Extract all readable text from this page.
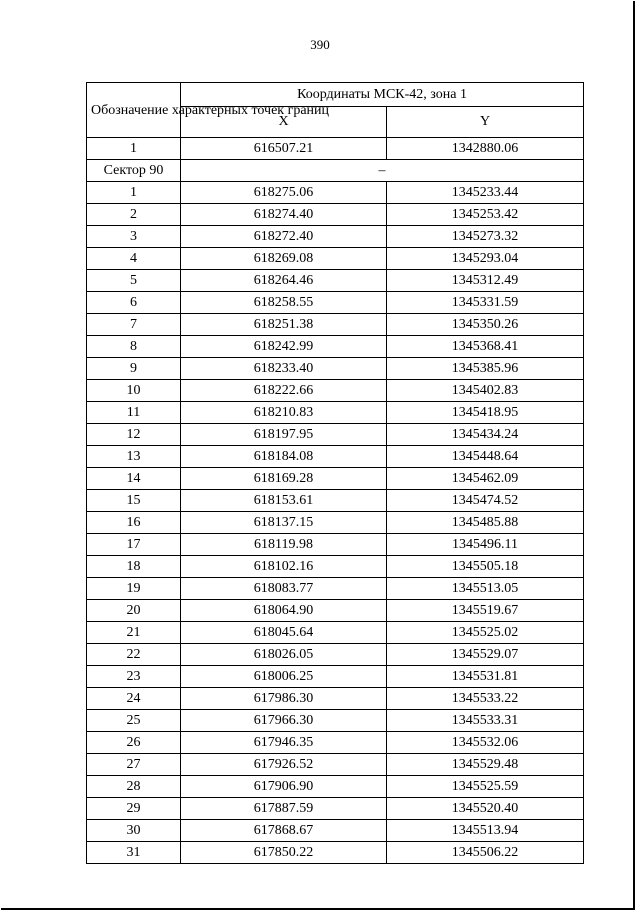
390
Обозначение характерных точек границ	Координаты МСК-42, зона 1	
	X	Y
1	616507.21	1342880.06
Сектор 90	–	
1	618275.06	1345233.44
2	618274.40	1345253.42
3	618272.40	1345273.32
4	618269.08	1345293.04
5	618264.46	1345312.49
6	618258.55	1345331.59
7	618251.38	1345350.26
8	618242.99	1345368.41
9	618233.40	1345385.96
10	618222.66	1345402.83
11	618210.83	1345418.95
12	618197.95	1345434.24
13	618184.08	1345448.64
14	618169.28	1345462.09
15	618153.61	1345474.52
16	618137.15	1345485.88
17	618119.98	1345496.11
18	618102.16	1345505.18
19	618083.77	1345513.05
20	618064.90	1345519.67
21	618045.64	1345525.02
22	618026.05	1345529.07
23	618006.25	1345531.81
24	617986.30	1345533.22
25	617966.30	1345533.31
26	617946.35	1345532.06
27	617926.52	1345529.48
28	617906.90	1345525.59
29	617887.59	1345520.40
30	617868.67	1345513.94
31	617850.22	1345506.22
